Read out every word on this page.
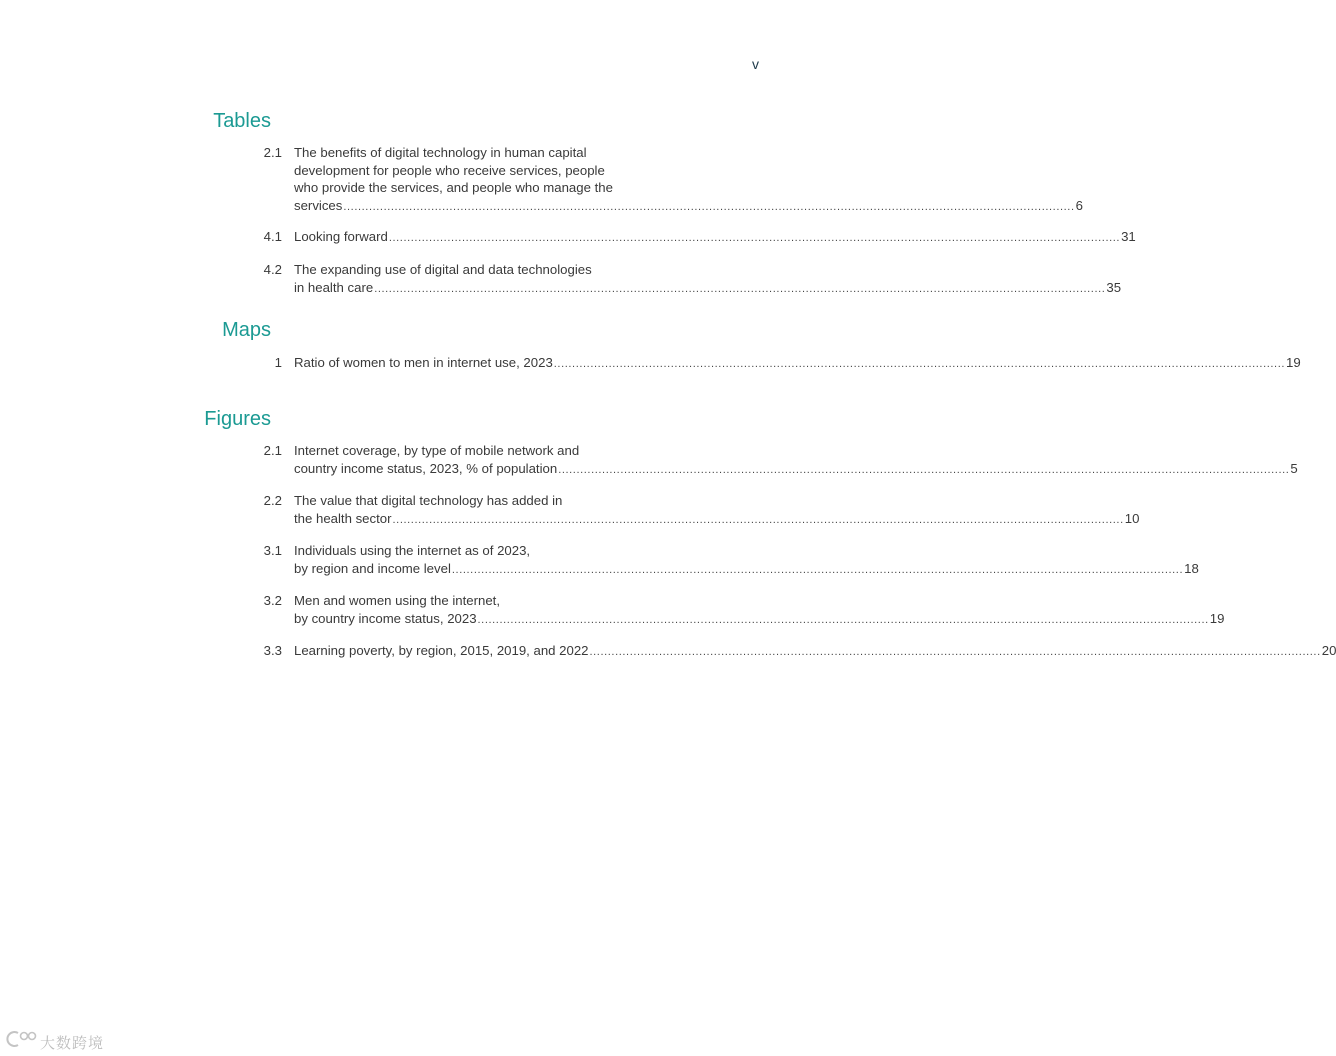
v
Tables
2.1 The benefits of digital technology in human capital
development for people who receive services, people
who provide the services, and people who manage the
services ........................................................................................................................................................................................................ 6
4.1 Looking forward ........................................................................................................................................................................................................ 31
4.2 The expanding use of digital and data technologies
in health care ........................................................................................................................................................................................................ 35
Maps
1 Ratio of women to men in internet use, 2023 ........................................................................................................................................................................................................ 19
Figures
2.1 Internet coverage, by type of mobile network and
country income status, 2023, % of population ........................................................................................................................................................................................................ 5
2.2 The value that digital technology has added in
the health sector ........................................................................................................................................................................................................ 10
3.1 Individuals using the internet as of 2023,
by region and income level ........................................................................................................................................................................................................ 18
3.2 Men and women using the internet,
by country income status, 2023 ........................................................................................................................................................................................................ 19
3.3 Learning poverty, by region, 2015, 2019, and 2022 ........................................................................................................................................................................................................ 20
大数跨境
